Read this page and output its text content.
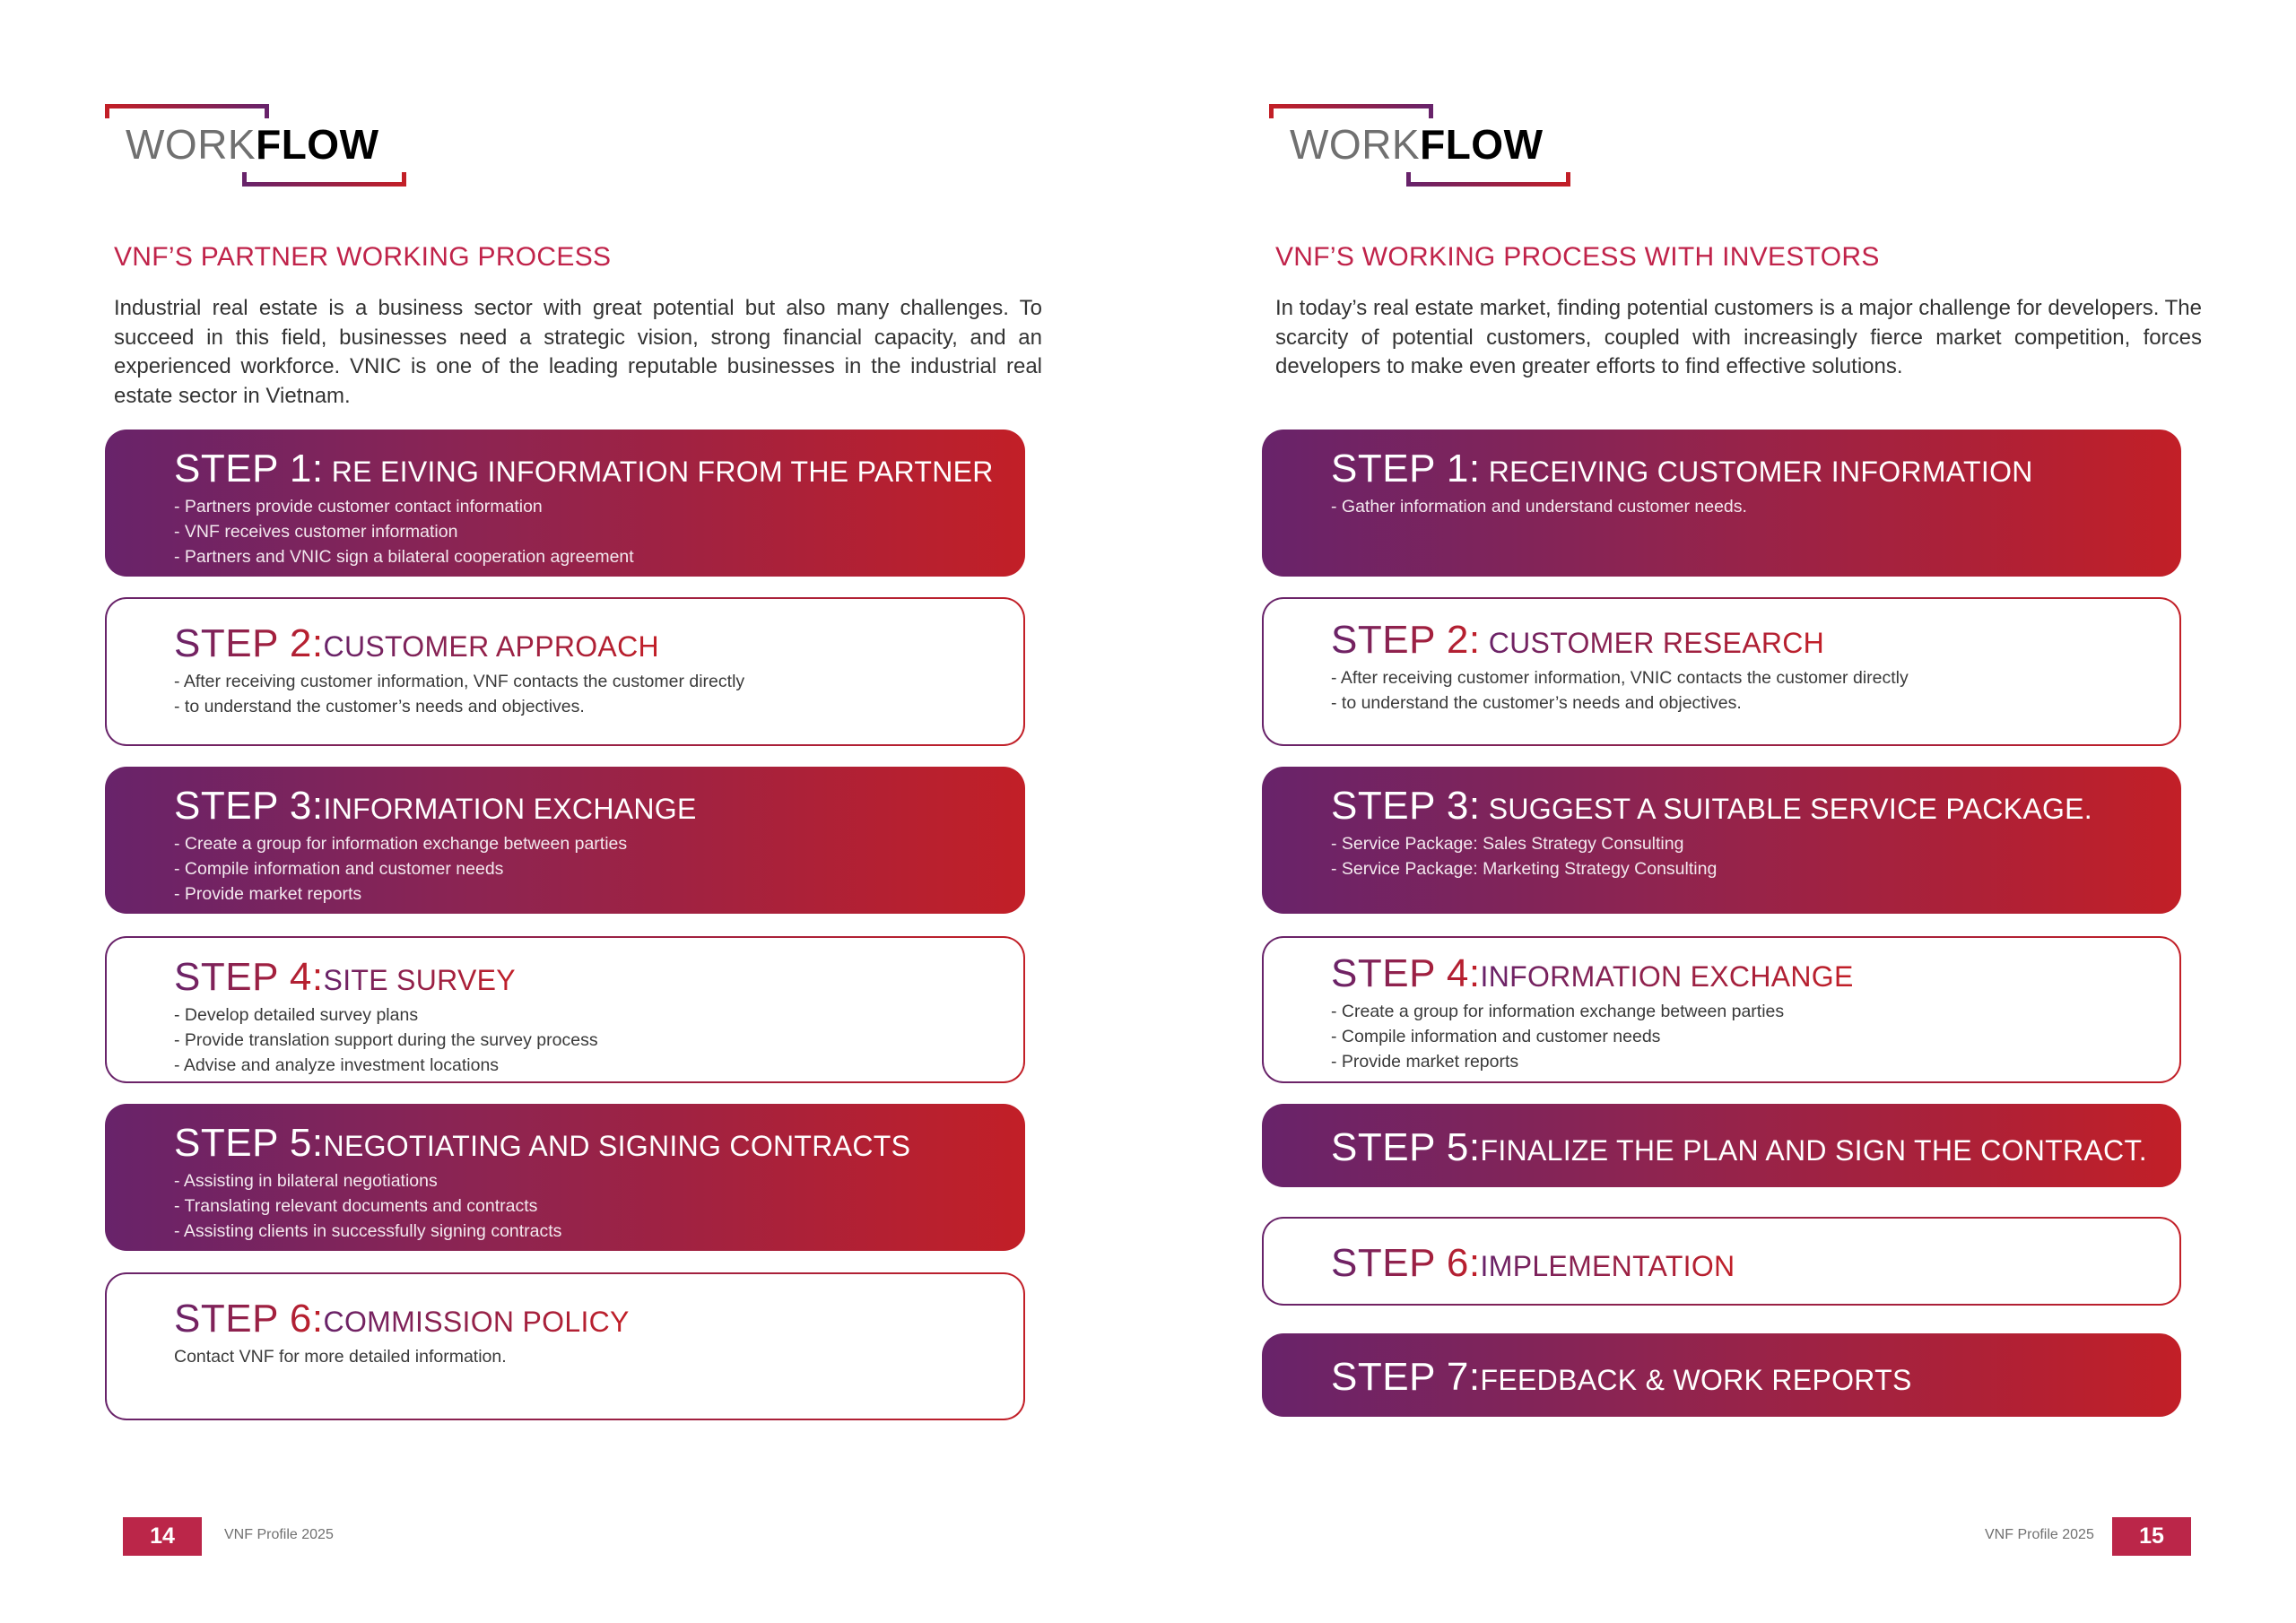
WORKFLOW
VNF’S PARTNER WORKING PROCESS
Industrial real estate is a business sector with great potential but also many challenges. To succeed in this field, businesses need a strategic vision, strong financial capacity, and an experienced workforce. VNIC is one of the leading reputable businesses in the industrial real estate sector in Vietnam.
STEP 1: RE EIVING INFORMATION FROM THE PARTNER
- Partners provide customer contact information
- VNF receives customer information
- Partners and VNIC sign a bilateral cooperation agreement
STEP 2:CUSTOMER APPROACH
- After receiving customer information, VNF contacts the customer directly
- to understand the customer’s needs and objectives.
STEP 3:INFORMATION EXCHANGE
- Create a group for information exchange between parties
- Compile information and customer needs
- Provide market reports
STEP 4:SITE SURVEY
- Develop detailed survey plans
- Provide translation support during the survey process
- Advise and analyze investment locations
STEP 5:NEGOTIATING AND SIGNING CONTRACTS
- Assisting in bilateral negotiations
- Translating relevant documents and contracts
- Assisting clients in successfully signing contracts
STEP 6:COMMISSION POLICY
Contact VNF for more detailed information.
14	VNF Profile 2025
WORKFLOW
VNF’S WORKING PROCESS WITH INVESTORS
In today’s real estate market, finding potential customers is a major challenge for developers. The scarcity of potential customers, coupled with increasingly fierce market competition, forces developers to make even greater efforts to find effective solutions.
STEP 1: RECEIVING CUSTOMER INFORMATION
- Gather information and understand customer needs.
STEP 2: CUSTOMER RESEARCH
- After receiving customer information, VNIC contacts the customer directly
- to understand the customer’s needs and objectives.
STEP 3: SUGGEST A SUITABLE SERVICE PACKAGE.
- Service Package: Sales Strategy Consulting
- Service Package: Marketing Strategy Consulting
STEP 4:INFORMATION EXCHANGE
- Create a group for information exchange between parties
- Compile information and customer needs
- Provide market reports
STEP 5:FINALIZE THE PLAN AND SIGN THE CONTRACT.
STEP 6:IMPLEMENTATION
STEP 7:FEEDBACK & WORK REPORTS
VNF Profile 2025	15
